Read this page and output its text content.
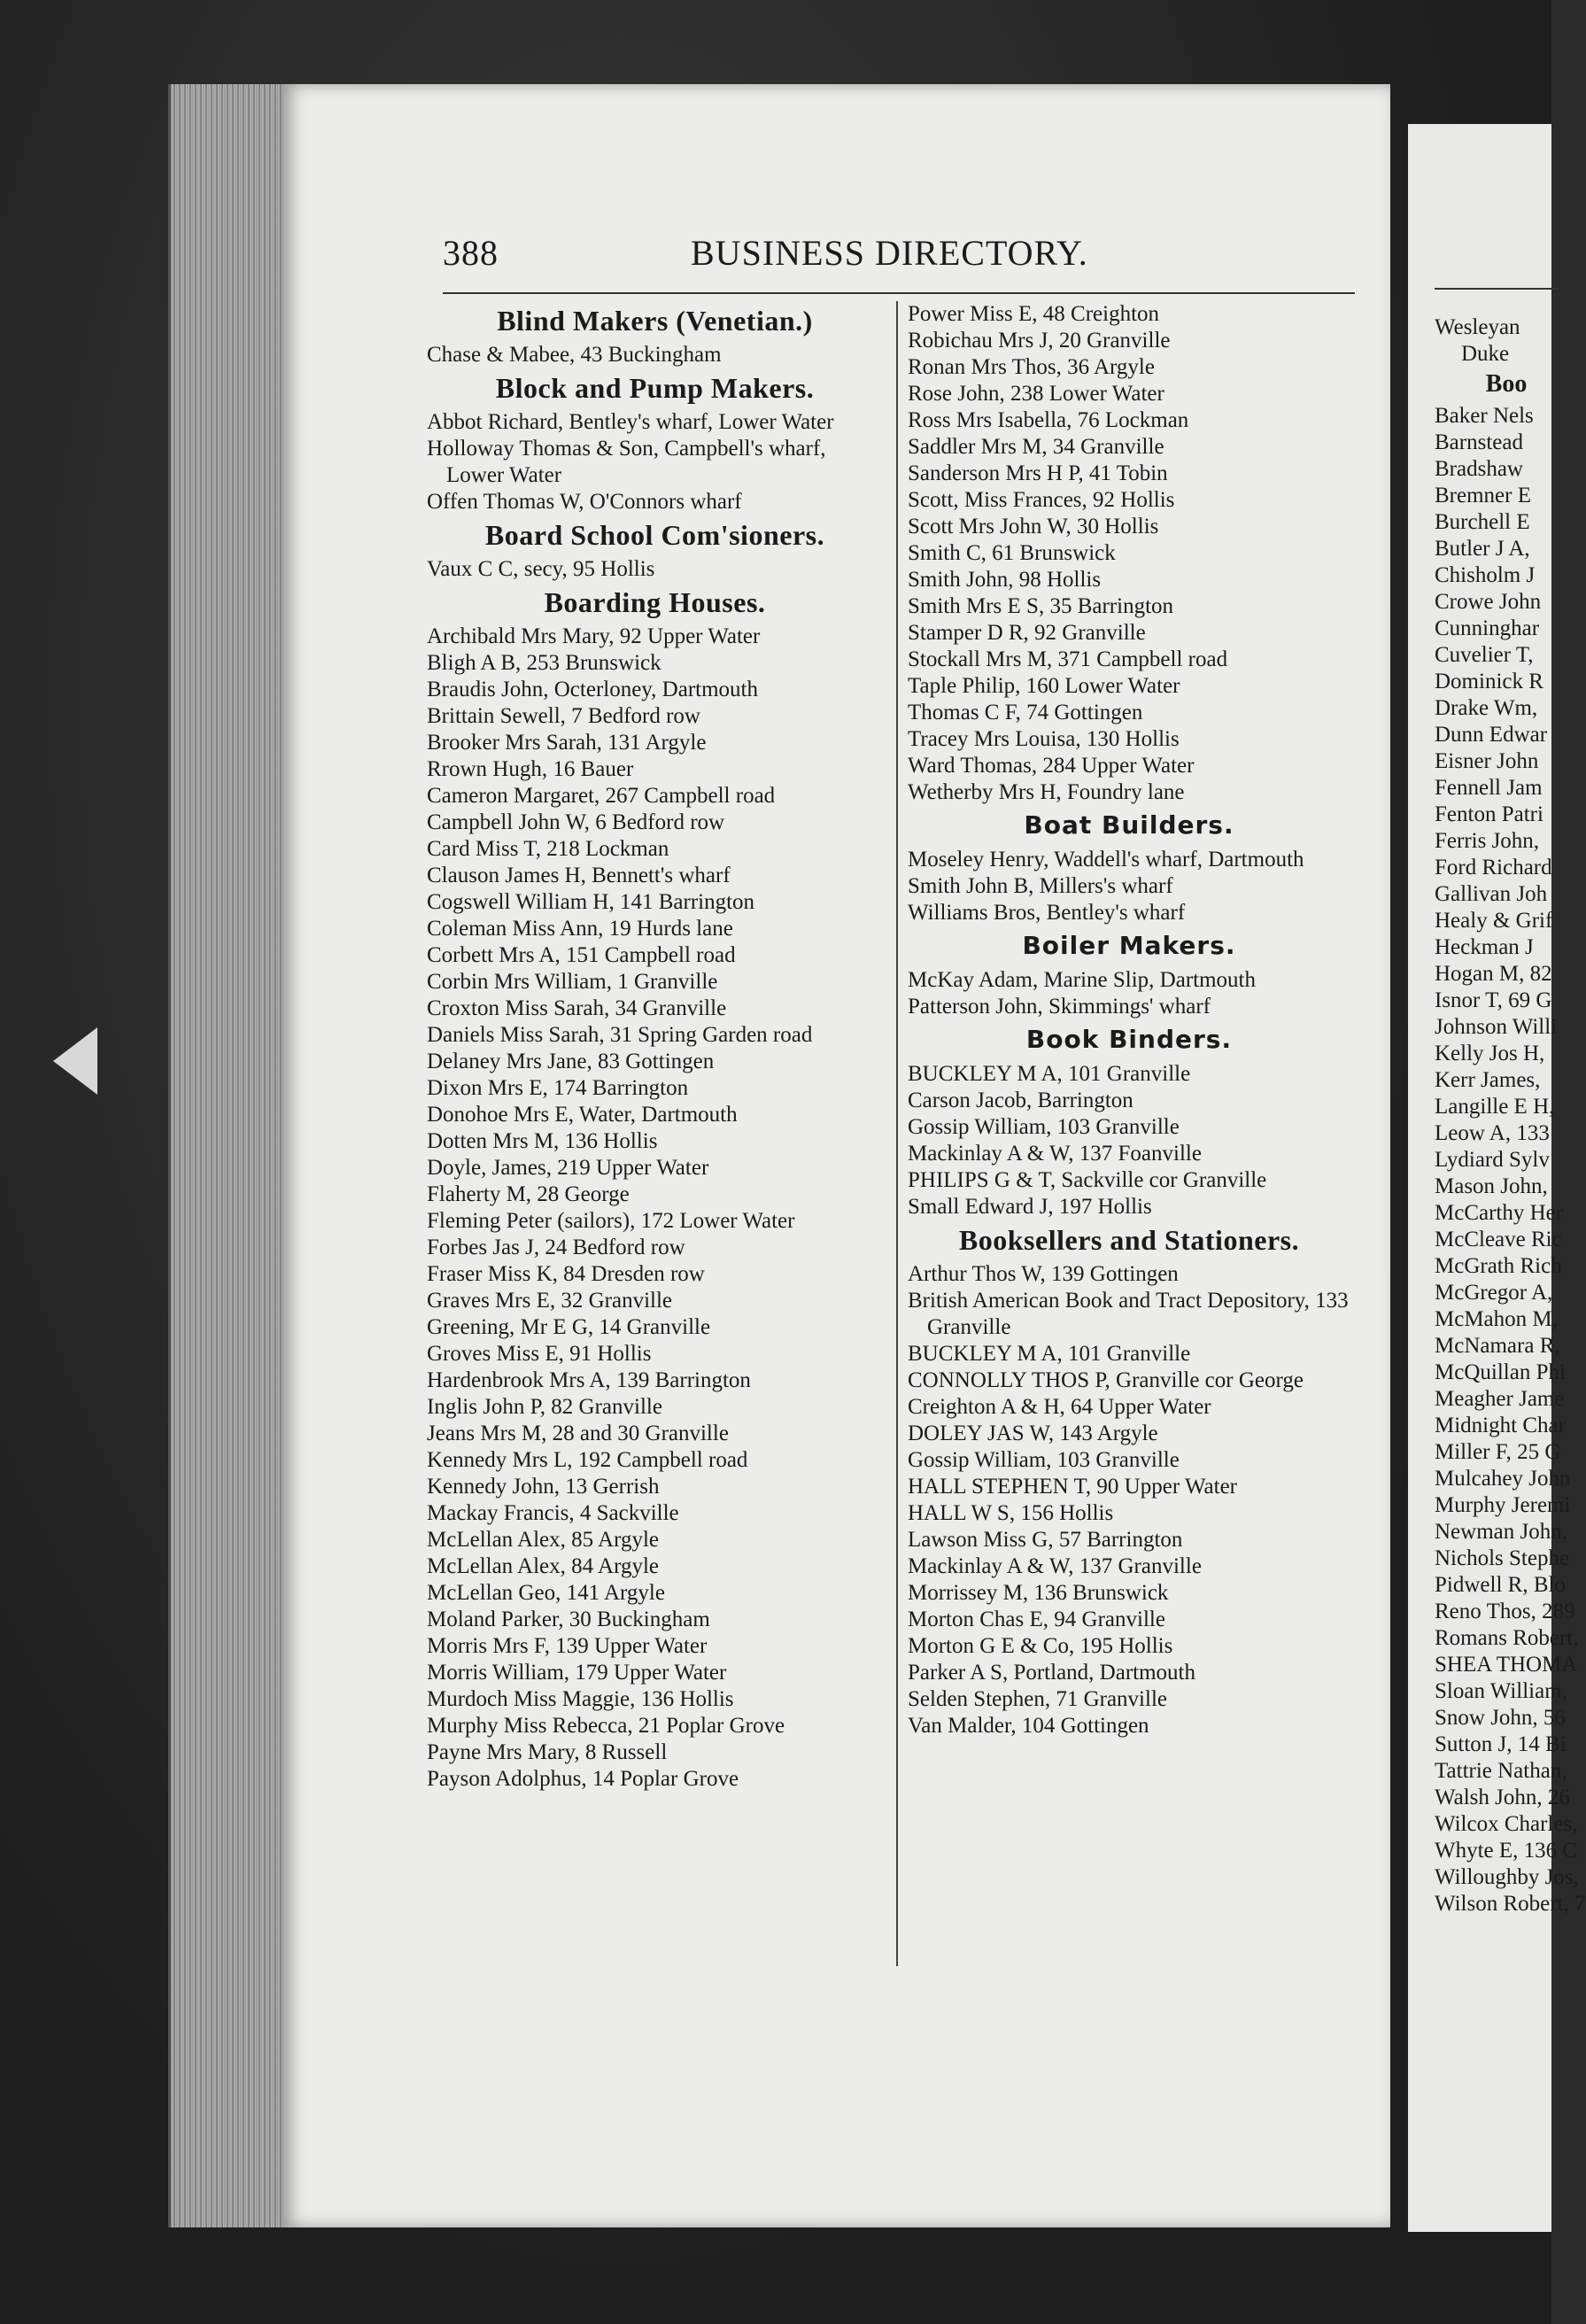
388	BUSINESS DIRECTORY.
Blind Makers (Venetian.)
Chase & Mabee, 43 Buckingham
Block and Pump Makers.
Abbot Richard, Bentley's wharf, Lower Water
Holloway Thomas & Son, Campbell's wharf, Lower Water
Offen Thomas W, O'Connors wharf
Board School Com'sioners.
Vaux C C, secy, 95 Hollis
Boarding Houses.
Archibald Mrs Mary, 92 Upper Water
Bligh A B, 253 Brunswick
Braudis John, Octerloney, Dartmouth
Brittain Sewell, 7 Bedford row
Brooker Mrs Sarah, 131 Argyle
Rrown Hugh, 16 Bauer
Cameron Margaret, 267 Campbell road
Campbell John W, 6 Bedford row
Card Miss T, 218 Lockman
Clauson James H, Bennett's wharf
Cogswell William H, 141 Barrington
Coleman Miss Ann, 19 Hurds lane
Corbett Mrs A, 151 Campbell road
Corbin Mrs William, 1 Granville
Croxton Miss Sarah, 34 Granville
Daniels Miss Sarah, 31 Spring Garden road
Delaney Mrs Jane, 83 Gottingen
Dixon Mrs E, 174 Barrington
Donohoe Mrs E, Water, Dartmouth
Dotten Mrs M, 136 Hollis
Doyle, James, 219 Upper Water
Flaherty M, 28 George
Fleming Peter (sailors), 172 Lower Water
Forbes Jas J, 24 Bedford row
Fraser Miss K, 84 Dresden row
Graves Mrs E, 32 Granville
Greening, Mr E G, 14 Granville
Groves Miss E, 91 Hollis
Hardenbrook Mrs A, 139 Barrington
Inglis John P, 82 Granville
Jeans Mrs M, 28 and 30 Granville
Kennedy Mrs L, 192 Campbell road
Kennedy John, 13 Gerrish
Mackay Francis, 4 Sackville
McLellan Alex, 85 Argyle
McLellan Alex, 84 Argyle
McLellan Geo, 141 Argyle
Moland Parker, 30 Buckingham
Morris Mrs F, 139 Upper Water
Morris William, 179 Upper Water
Murdoch Miss Maggie, 136 Hollis
Murphy Miss Rebecca, 21 Poplar Grove
Payne Mrs Mary, 8 Russell
Payson Adolphus, 14 Poplar Grove
Power Miss E, 48 Creighton
Robichau Mrs J, 20 Granville
Ronan Mrs Thos, 36 Argyle
Rose John, 238 Lower Water
Ross Mrs Isabella, 76 Lockman
Saddler Mrs M, 34 Granville
Sanderson Mrs H P, 41 Tobin
Scott, Miss Frances, 92 Hollis
Scott Mrs John W, 30 Hollis
Smith C, 61 Brunswick
Smith John, 98 Hollis
Smith Mrs E S, 35 Barrington
Stamper D R, 92 Granville
Stockall Mrs M, 371 Campbell road
Taple Philip, 160 Lower Water
Thomas C F, 74 Gottingen
Tracey Mrs Louisa, 130 Hollis
Ward Thomas, 284 Upper Water
Wetherby Mrs H, Foundry lane
Boat Builders.
Moseley Henry, Waddell's wharf, Dartmouth
Smith John B, Millers's wharf
Williams Bros, Bentley's wharf
Boiler Makers.
McKay Adam, Marine Slip, Dartmouth
Patterson John, Skimmings' wharf
Book Binders.
BUCKLEY M A, 101 Granville
Carson Jacob, Barrington
Gossip William, 103 Granville
Mackinlay A & W, 137 Foanville
PHILIPS G & T, Sackville cor Granville
Small Edward J, 197 Hollis
Booksellers and Stationers.
Arthur Thos W, 139 Gottingen
British American Book and Tract Depository, 133 Granville
BUCKLEY M A, 101 Granville
CONNOLLY THOS P, Granville cor George
Creighton A & H, 64 Upper Water
DOLEY JAS W, 143 Argyle
Gossip William, 103 Granville
HALL STEPHEN T, 90 Upper Water
HALL W S, 156 Hollis
Lawson Miss G, 57 Barrington
Mackinlay A & W, 137 Granville
Morrissey M, 136 Brunswick
Morton Chas E, 94 Granville
Morton G E & Co, 195 Hollis
Parker A S, Portland, Dartmouth
Selden Stephen, 71 Granville
Van Malder, 104 Gottingen
Wesleyan
Duke
Boo
Baker Nels
Barnstead
Bradshaw
Bremner E
Burchell E
Butler J A,
Chisholm J
Crowe John
Cunninghar
Cuvelier T,
Dominick R
Drake Wm,
Dunn Edwar
Eisner John
Fennell Jam
Fenton Patri
Ferris John,
Ford Richard
Gallivan Joh
Healy & Grif
Heckman J
Hogan M, 82
Isnor T, 69 G
Johnson Willi
Kelly Jos H,
Kerr James,
Langille E H,
Leow A, 133
Lydiard Sylv
Mason John,
McCarthy Her
McCleave Ric
McGrath Rich
McGregor A,
McMahon M,
McNamara R,
McQuillan Phi
Meagher Jame
Midnight Char
Miller F, 25 G
Mulcahey John
Murphy Jeremi
Newman John,
Nichols Stephe
Pidwell R, Blo
Reno Thos, 289
Romans Robert,
SHEA THOMA
Sloan William,
Snow John, 56
Sutton J, 14 Bi
Tattrie Nathan,
Walsh John, 26
Wilcox Charles,
Whyte E, 136 C
Willoughby Jos,
Wilson Robert, 7
